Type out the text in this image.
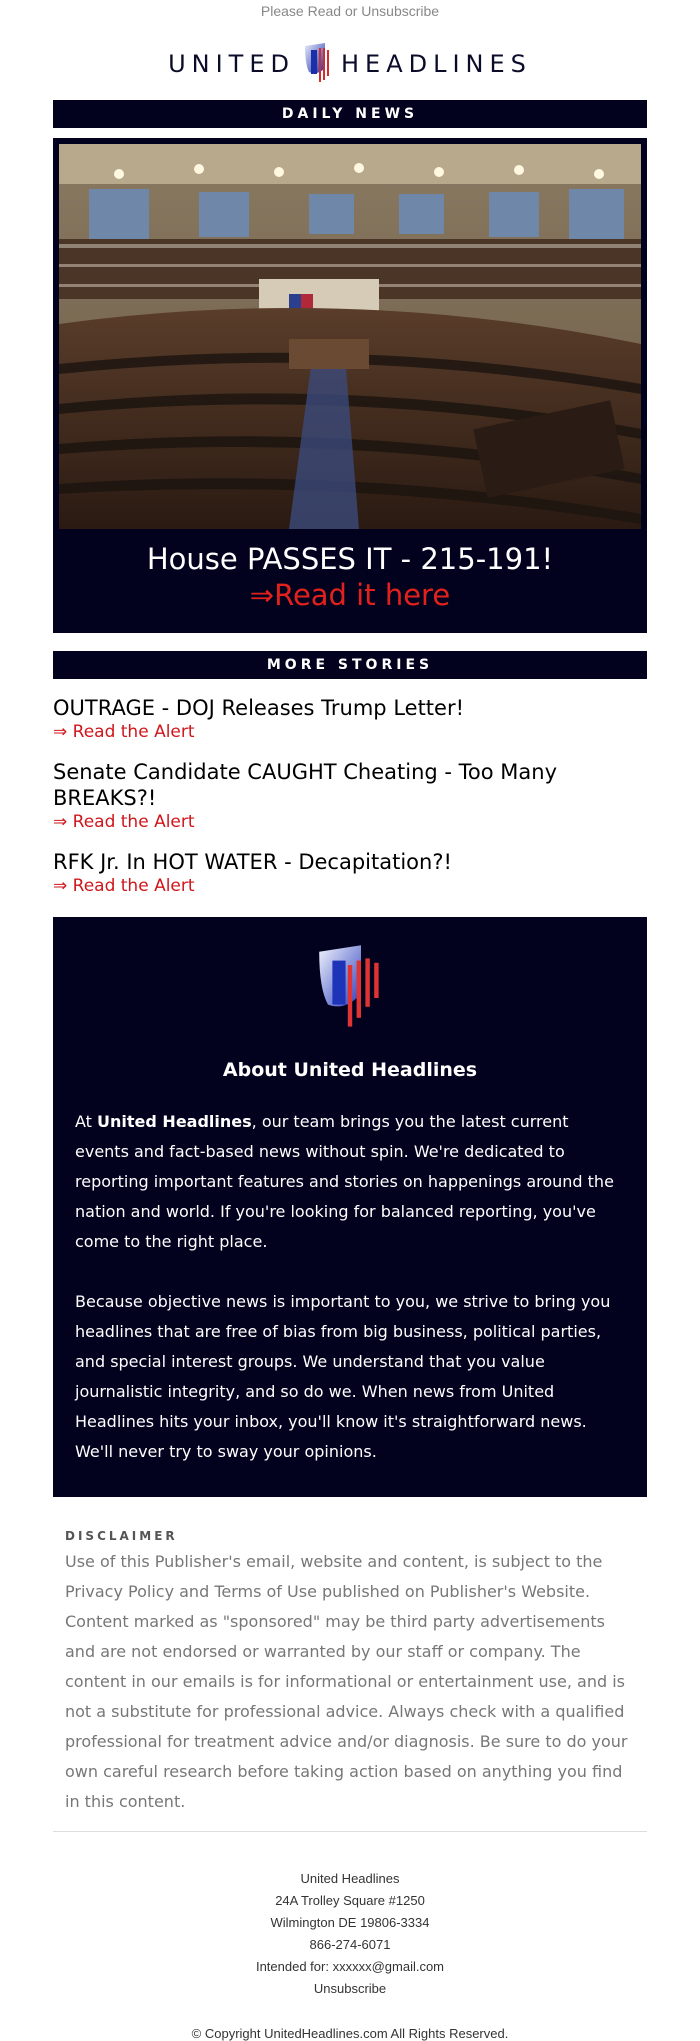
Please Read or Unsubscribe
UNITED HEADLINES
DAILY NEWS
House PASSES IT - 215-191!
⇒Read it here
MORE STORIES
OUTRAGE - DOJ Releases Trump Letter!
⇒ Read the Alert
Senate Candidate CAUGHT Cheating - Too Many BREAKS?!
⇒ Read the Alert
RFK Jr. In HOT WATER - Decapitation?!
⇒ Read the Alert
About United Headlines

At United Headlines, our team brings you the latest current events and fact-based news without spin. We're dedicated to reporting important features and stories on happenings around the nation and world. If you're looking for balanced reporting, you've come to the right place.

Because objective news is important to you, we strive to bring you headlines that are free of bias from big business, political parties, and special interest groups. We understand that you value journalistic integrity, and so do we. When news from United Headlines hits your inbox, you'll know it's straightforward news. We'll never try to sway your opinions.

DISCLAIMER
Use of this Publisher's email, website and content, is subject to the Privacy Policy and Terms of Use published on Publisher's Website. Content marked as "sponsored" may be third party advertisements and are not endorsed or warranted by our staff or company. The content in our emails is for informational or entertainment use, and is not a substitute for professional advice. Always check with a qualified professional for treatment advice and/or diagnosis. Be sure to do your own careful research before taking action based on anything you find in this content.
United Headlines
24A Trolley Square #1250
Wilmington DE 19806-3334
866-274-6071
Intended for: xxxxxx@gmail.com
Unsubscribe
© Copyright UnitedHeadlines.com All Rights Reserved.
